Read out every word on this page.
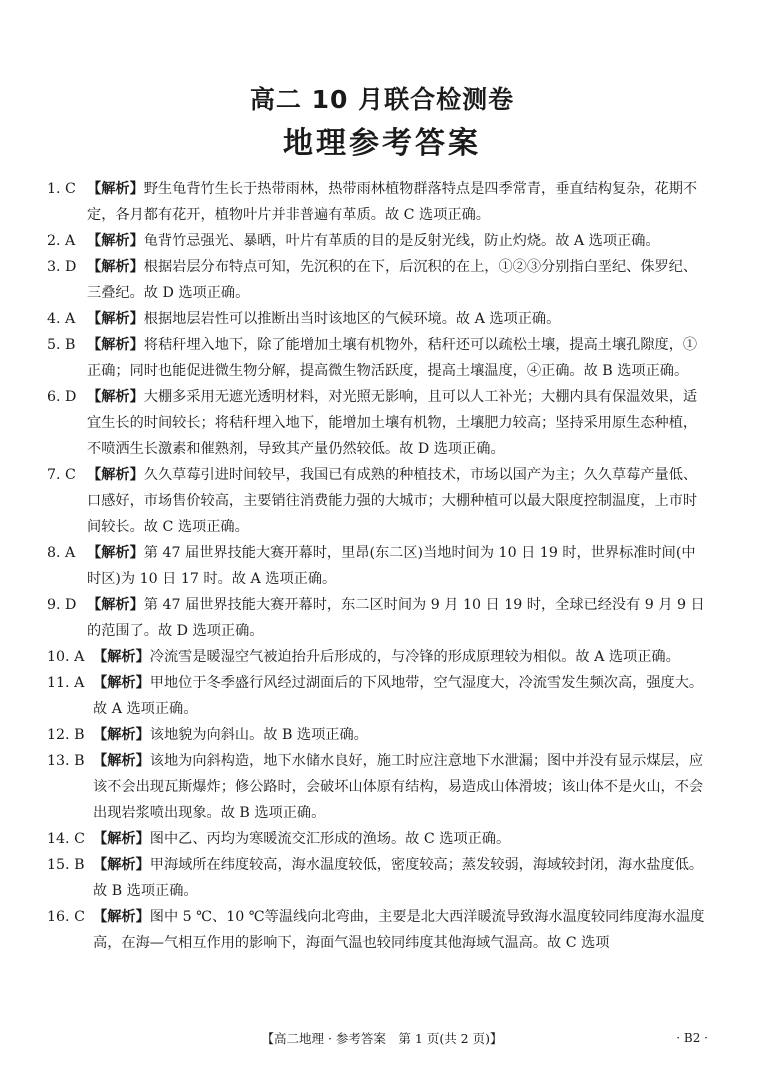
高二 10 月联合检测卷
地理参考答案
1. C 【解析】野生龟背竹生长于热带雨林，热带雨林植物群落特点是四季常青，垂直结构复杂，花期不定，各月都有花开，植物叶片并非普遍有革质。故 C 选项正确。
2. A 【解析】龟背竹忌强光、暴晒，叶片有革质的目的是反射光线，防止灼烧。故 A 选项正确。
3. D 【解析】根据岩层分布特点可知，先沉积的在下，后沉积的在上，①②③分别指白垩纪、侏罗纪、三叠纪。故 D 选项正确。
4. A 【解析】根据地层岩性可以推断出当时该地区的气候环境。故 A 选项正确。
5. B 【解析】将秸秆埋入地下，除了能增加土壤有机物外，秸秆还可以疏松土壤，提高土壤孔隙度，①正确；同时也能促进微生物分解，提高微生物活跃度，提高土壤温度，④正确。故 B 选项正确。
6. D 【解析】大棚多采用无遮光透明材料，对光照无影响，且可以人工补光；大棚内具有保温效果，适宜生长的时间较长；将秸秆埋入地下，能增加土壤有机物，土壤肥力较高；坚持采用原生态种植，不喷洒生长激素和催熟剂，导致其产量仍然较低。故 D 选项正确。
7. C 【解析】久久草莓引进时间较早，我国已有成熟的种植技术，市场以国产为主；久久草莓产量低、口感好，市场售价较高，主要销往消费能力强的大城市；大棚种植可以最大限度控制温度，上市时间较长。故 C 选项正确。
8. A 【解析】第 47 届世界技能大赛开幕时，里昂(东二区)当地时间为 10 日 19 时，世界标准时间(中时区)为 10 日 17 时。故 A 选项正确。
9. D 【解析】第 47 届世界技能大赛开幕时，东二区时间为 9 月 10 日 19 时，全球已经没有 9 月 9 日的范围了。故 D 选项正确。
10. A 【解析】冷流雪是暖湿空气被迫抬升后形成的，与冷锋的形成原理较为相似。故 A 选项正确。
11. A 【解析】甲地位于冬季盛行风经过湖面后的下风地带，空气湿度大，冷流雪发生频次高，强度大。故 A 选项正确。
12. B 【解析】该地貌为向斜山。故 B 选项正确。
13. B 【解析】该地为向斜构造，地下水储水良好，施工时应注意地下水泄漏；图中并没有显示煤层，应该不会出现瓦斯爆炸；修公路时，会破坏山体原有结构，易造成山体滑坡；该山体不是火山，不会出现岩浆喷出现象。故 B 选项正确。
14. C 【解析】图中乙、丙均为寒暖流交汇形成的渔场。故 C 选项正确。
15. B 【解析】甲海域所在纬度较高，海水温度较低，密度较高；蒸发较弱，海域较封闭，海水盐度低。故 B 选项正确。
16. C 【解析】图中 5 ℃、10 ℃等温线向北弯曲，主要是北大西洋暖流导致海水温度较同纬度海水温度高，在海—气相互作用的影响下，海面气温也较同纬度其他海域气温高。故 C 选项
【高二地理 · 参考答案　第 1 页(共 2 页)】	· B2 ·
